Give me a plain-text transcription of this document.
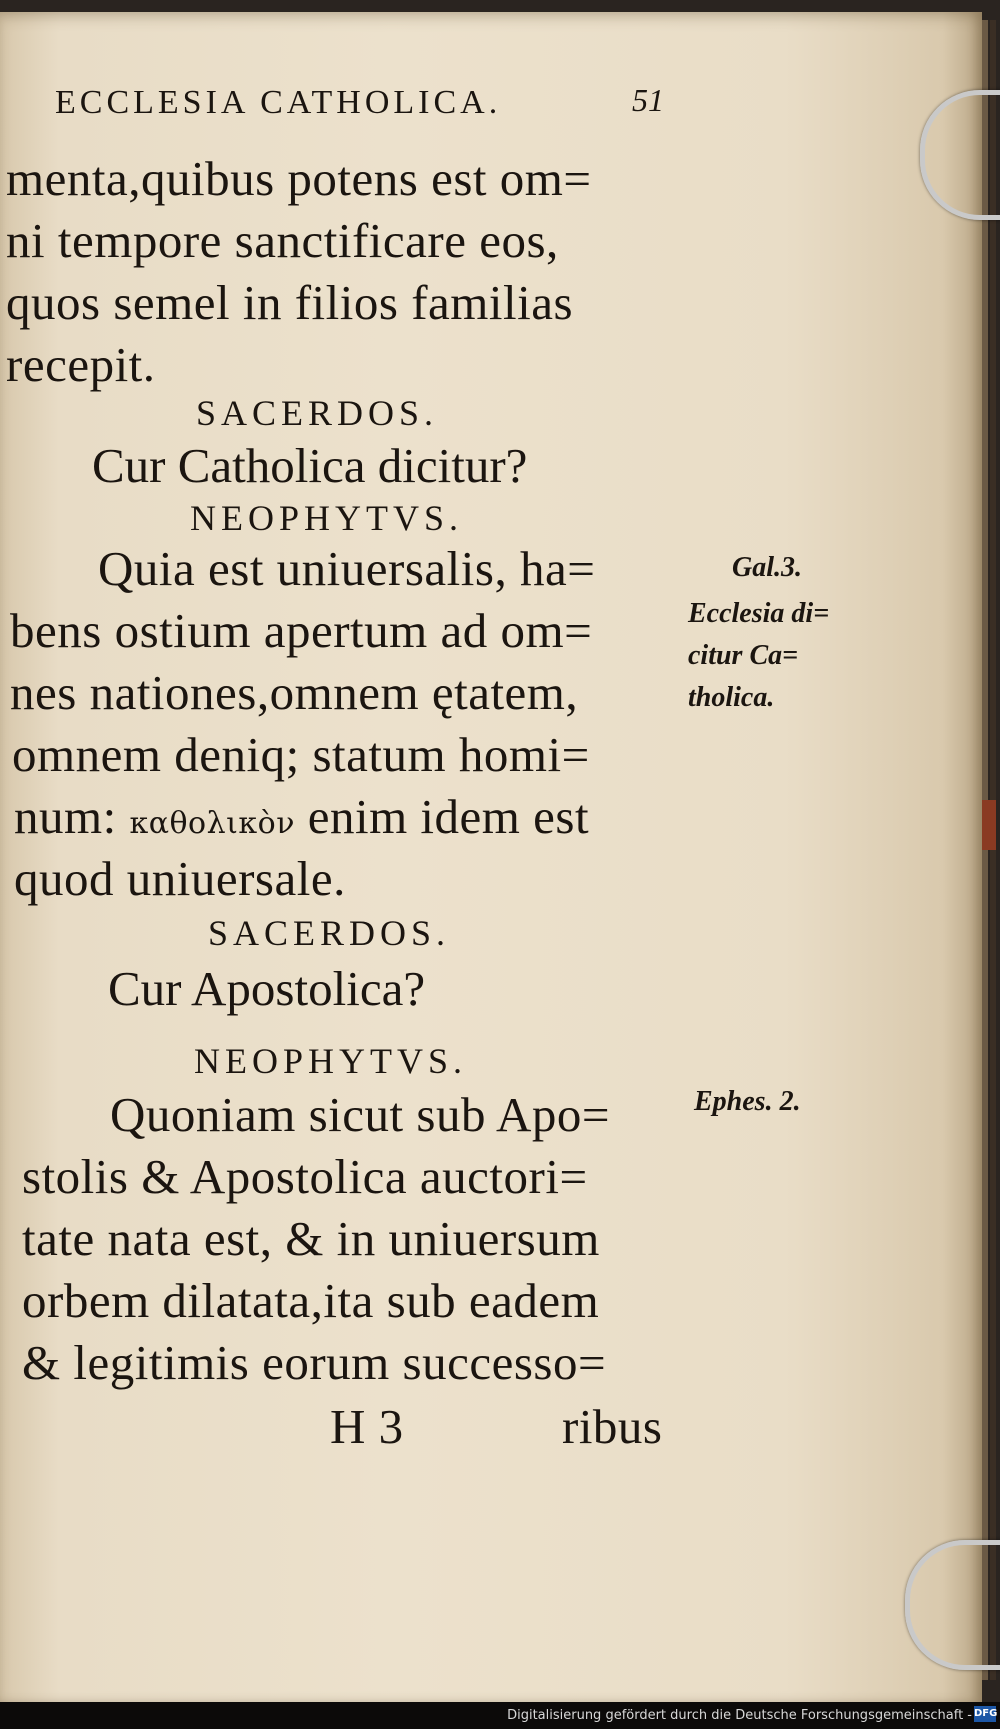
ECCLESIA CATHOLICA.	51
menta,quibus potens est om=
ni tempore sanctificare eos,
quos semel in filios familias
recepit.
SACERDOS.
Cur Catholica dicitur?
NEOPHYTVS.
Quia est uniuersalis, ha=
bens ostium apertum ad om=
nes nationes,omnem ętatem,
omnem deniq; statum homi=
num: καθολικὸν enim idem est
quod uniuersale.
SACERDOS.
Cur Apostolica?
NEOPHYTVS.
Quoniam sicut sub Apo=
stolis & Apostolica auctori=
tate nata est, & in uniuersum
orbem dilatata,ita sub eadem
& legitimis eorum successo=
H 3	ribus
Gal.3.
Ecclesia di=
citur Ca=
tholica.
Ephes. 2.
Digitalisierung gefördert durch die Deutsche Forschungsgemeinschaft - DFG
